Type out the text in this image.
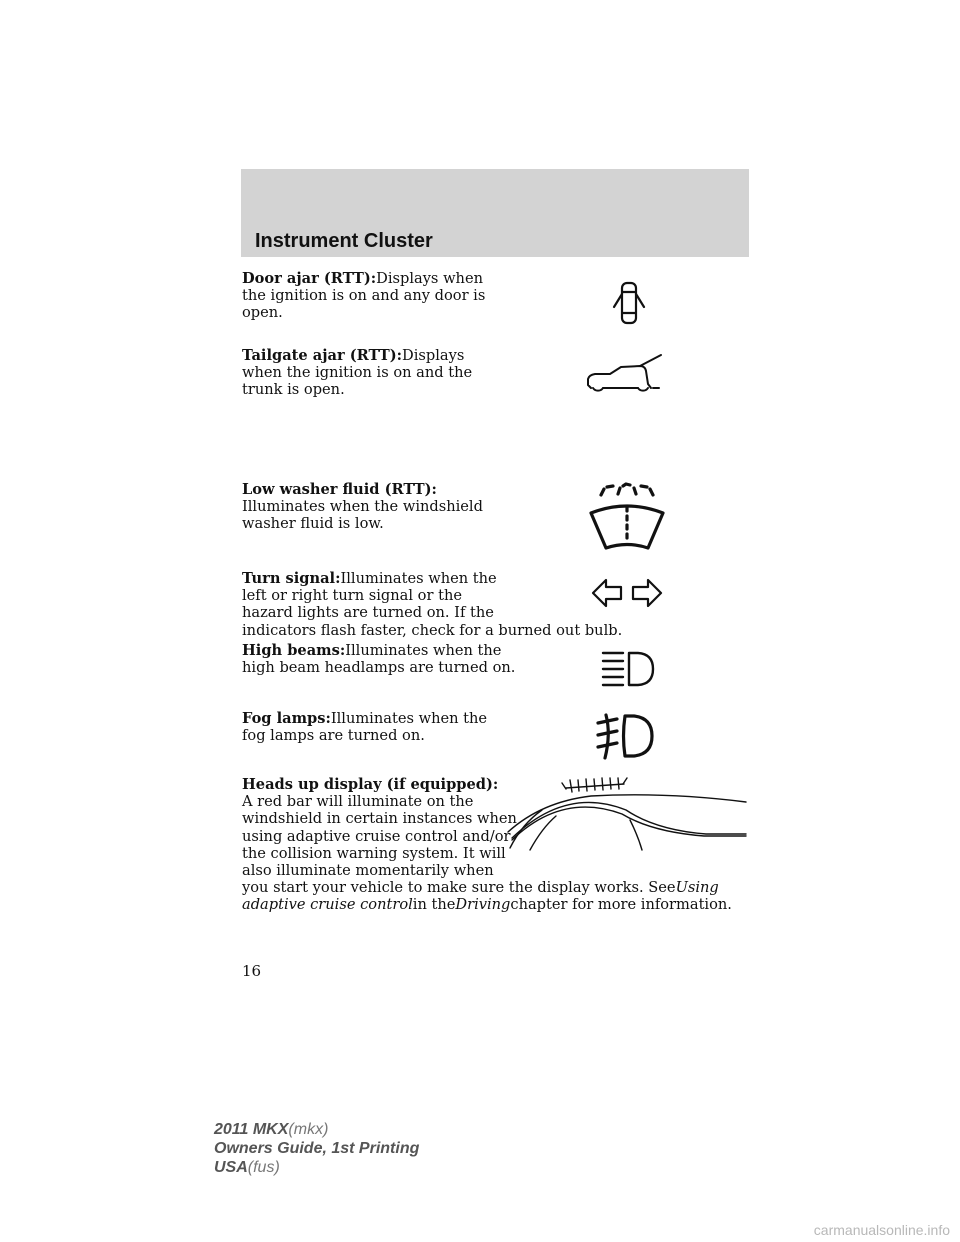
Instrument Cluster
Door ajar (RTT):Displays when
the ignition is on and any door is
open.
Tailgate ajar (RTT):Displays
when the ignition is on and the
trunk is open.
Low washer fluid (RTT):
Illuminates when the windshield
washer fluid is low.
Turn signal:Illuminates when the
left or right turn signal or the
hazard lights are turned on. If the
indicators flash faster, check for a burned out bulb.
High beams:Illuminates when the
high beam headlamps are turned on.
Fog lamps:Illuminates when the
fog lamps are turned on.
Heads up display (if equipped):
A red bar will illuminate on the
windshield in certain instances when
using adaptive cruise control and/or
the collision warning system. It will
also illuminate momentarily when
you start your vehicle to make sure the display works. SeeUsing
adaptive cruise controlin theDrivingchapter for more information.
16
2011 MKX(mkx)
Owners Guide, 1st Printing
USA(fus)
carmanualsonline.info
